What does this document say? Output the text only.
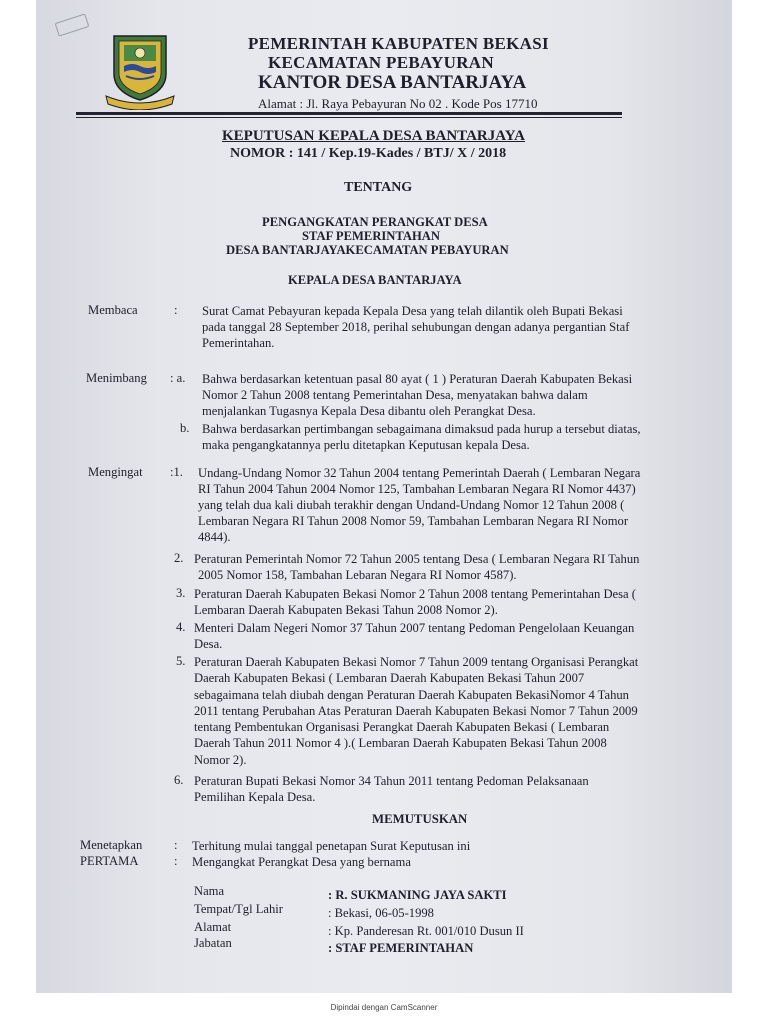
PEMERINTAH KABUPATEN BEKASI
KECAMATAN PEBAYURAN
KANTOR DESA BANTARJAYA
Alamat : Jl. Raya Pebayuran No 02 . Kode Pos 17710
KEPUTUSAN KEPALA DESA BANTARJAYA
NOMOR : 141 / Kep.19-Kades / BTJ/ X / 2018
TENTANG
PENGANGKATAN PERANGKAT DESA
STAF PEMERINTAHAN
DESA BANTARJAYAKECAMATAN PEBAYURAN
KEPALA DESA BANTARJAYA
Membaca	: Surat Camat Pebayuran kepada Kepala Desa yang telah dilantik oleh Bupati Bekasi
pada tanggal 28 September 2018, perihal sehubungan dengan adanya pergantian Staf
Pemerintahan.
Menimbang : a. Bahwa berdasarkan ketentuan pasal 80 ayat ( 1 ) Peraturan Daerah Kabupaten Bekasi
Nomor 2 Tahun 2008 tentang Pemerintahan Desa, menyatakan bahwa dalam
menjalankan Tugasnya Kepala Desa dibantu oleh Perangkat Desa.
b. Bahwa berdasarkan pertimbangan sebagaimana dimaksud pada hurup a tersebut diatas,
maka pengangkatannya perlu ditetapkan Keputusan kepala Desa.
Mengingat :1. Undang-Undang Nomor 32 Tahun 2004 tentang Pemerintah Daerah ( Lembaran Negara
RI Tahun 2004 Tahun 2004 Nomor 125, Tambahan Lembaran Negara RI Nomor 4437)
yang telah dua kali diubah terakhir dengan Undand-Undang Nomor 12 Tahun 2008 (
Lembaran Negara RI Tahun 2008 Nomor 59, Tambahan Lembaran Negara RI Nomor
4844).
2. Peraturan Pemerintah Nomor 72 Tahun 2005 tentang Desa ( Lembaran Negara RI Tahun
2005 Nomor 158, Tambahan Lebaran Negara RI Nomor 4587).
3. Peraturan Daerah Kabupaten Bekasi Nomor 2 Tahun 2008 tentang Pemerintahan Desa (
Lembaran Daerah Kabupaten Bekasi Tahun 2008 Nomor 2).
4. Menteri Dalam Negeri Nomor 37 Tahun 2007 tentang Pedoman Pengelolaan Keuangan
Desa.
5. Peraturan Daerah Kabupaten Bekasi Nomor 7 Tahun 2009 tentang Organisasi Perangkat
Daerah Kabupaten Bekasi ( Lembaran Daerah Kabupaten Bekasi Tahun 2007
sebagaimana telah diubah dengan Peraturan Daerah Kabupaten BekasiNomor 4 Tahun
2011 tentang Perubahan Atas Peraturan Daerah Kabupaten Bekasi Nomor 7 Tahun 2009
tentang Pembentukan Organisasi Perangkat Daerah Kabupaten Bekasi ( Lembaran
Daerah Tahun 2011 Nomor 4 ).( Lembaran Daerah Kabupaten Bekasi Tahun 2008
Nomor 2).
6. Peraturan Bupati Bekasi Nomor 34 Tahun 2011 tentang Pedoman Pelaksanaan
Pemilihan Kepala Desa.
MEMUTUSKAN
Menetapkan	: Terhitung mulai tanggal penetapan Surat Keputusan ini
PERTAMA	: Mengangkat Perangkat Desa yang bernama
Nama	: R. SUKMANING JAYA SAKTI
Tempat/Tgl Lahir	: Bekasi, 06-05-1998
Alamat	: Kp. Panderesan Rt. 001/010 Dusun II
Jabatan	: STAF PEMERINTAHAN
Dipindai dengan CamScanner
